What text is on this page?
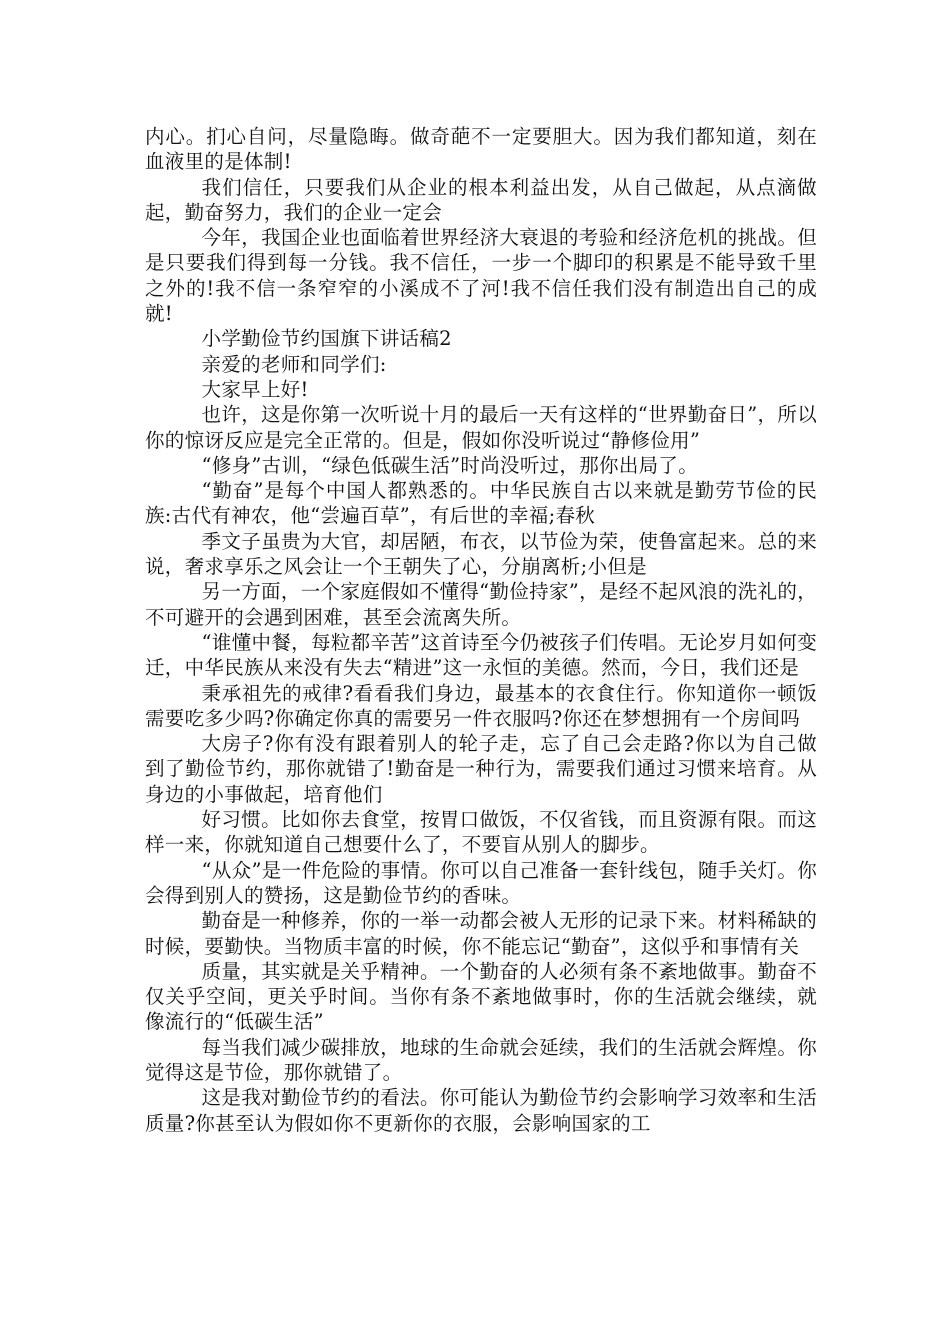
内心。扪心自问，尽量隐晦。做奇葩不一定要胆大。因为我们都知道，刻在血液里的是体制!

我们信任，只要我们从企业的根本利益出发，从自己做起，从点滴做起，勤奋努力，我们的企业一定会

今年，我国企业也面临着世界经济大衰退的考验和经济危机的挑战。但是只要我们得到每一分钱。我不信任，一步一个脚印的积累是不能导致千里之外的!我不信一条窄窄的小溪成不了河!我不信任我们没有制造出自己的成就!

小学勤俭节约国旗下讲话稿2

亲爱的老师和同学们:

大家早上好!

也许，这是你第一次听说十月的最后一天有这样的“世界勤奋日”，所以你的惊讶反应是完全正常的。但是，假如你没听说过“静修俭用”

“修身”古训，“绿色低碳生活”时尚没听过，那你出局了。

“勤奋”是每个中国人都熟悉的。中华民族自古以来就是勤劳节俭的民族:古代有神农，他“尝遍百草”，有后世的幸福;春秋

季文子虽贵为大官，却居陋，布衣，以节俭为荣，使鲁富起来。总的来说，奢求享乐之风会让一个王朝失了心，分崩离析;小但是

另一方面，一个家庭假如不懂得“勤俭持家”，是经不起风浪的洗礼的，不可避开的会遇到困难，甚至会流离失所。

“谁懂中餐，每粒都辛苦”这首诗至今仍被孩子们传唱。无论岁月如何变迁，中华民族从来没有失去“精进”这一永恒的美德。然而，今日，我们还是

秉承祖先的戒律?看看我们身边，最基本的衣食住行。你知道你一顿饭需要吃多少吗?你确定你真的需要另一件衣服吗?你还在梦想拥有一个房间吗

大房子?你有没有跟着别人的轮子走，忘了自己会走路?你以为自己做到了勤俭节约，那你就错了!勤奋是一种行为，需要我们通过习惯来培育。从身边的小事做起，培育他们

好习惯。比如你去食堂，按胃口做饭，不仅省钱，而且资源有限。而这样一来，你就知道自己想要什么了，不要盲从别人的脚步。

“从众”是一件危险的事情。你可以自己准备一套针线包，随手关灯。你会得到别人的赞扬，这是勤俭节约的香味。

勤奋是一种修养，你的一举一动都会被人无形的记录下来。材料稀缺的时候，要勤快。当物质丰富的时候，你不能忘记“勤奋”，这似乎和事情有关

质量，其实就是关乎精神。一个勤奋的人必须有条不紊地做事。勤奋不仅关乎空间，更关乎时间。当你有条不紊地做事时，你的生活就会继续，就像流行的“低碳生活”

每当我们减少碳排放，地球的生命就会延续，我们的生活就会辉煌。你觉得这是节俭，那你就错了。

这是我对勤俭节约的看法。你可能认为勤俭节约会影响学习效率和生活质量?你甚至认为假如你不更新你的衣服，会影响国家的工
